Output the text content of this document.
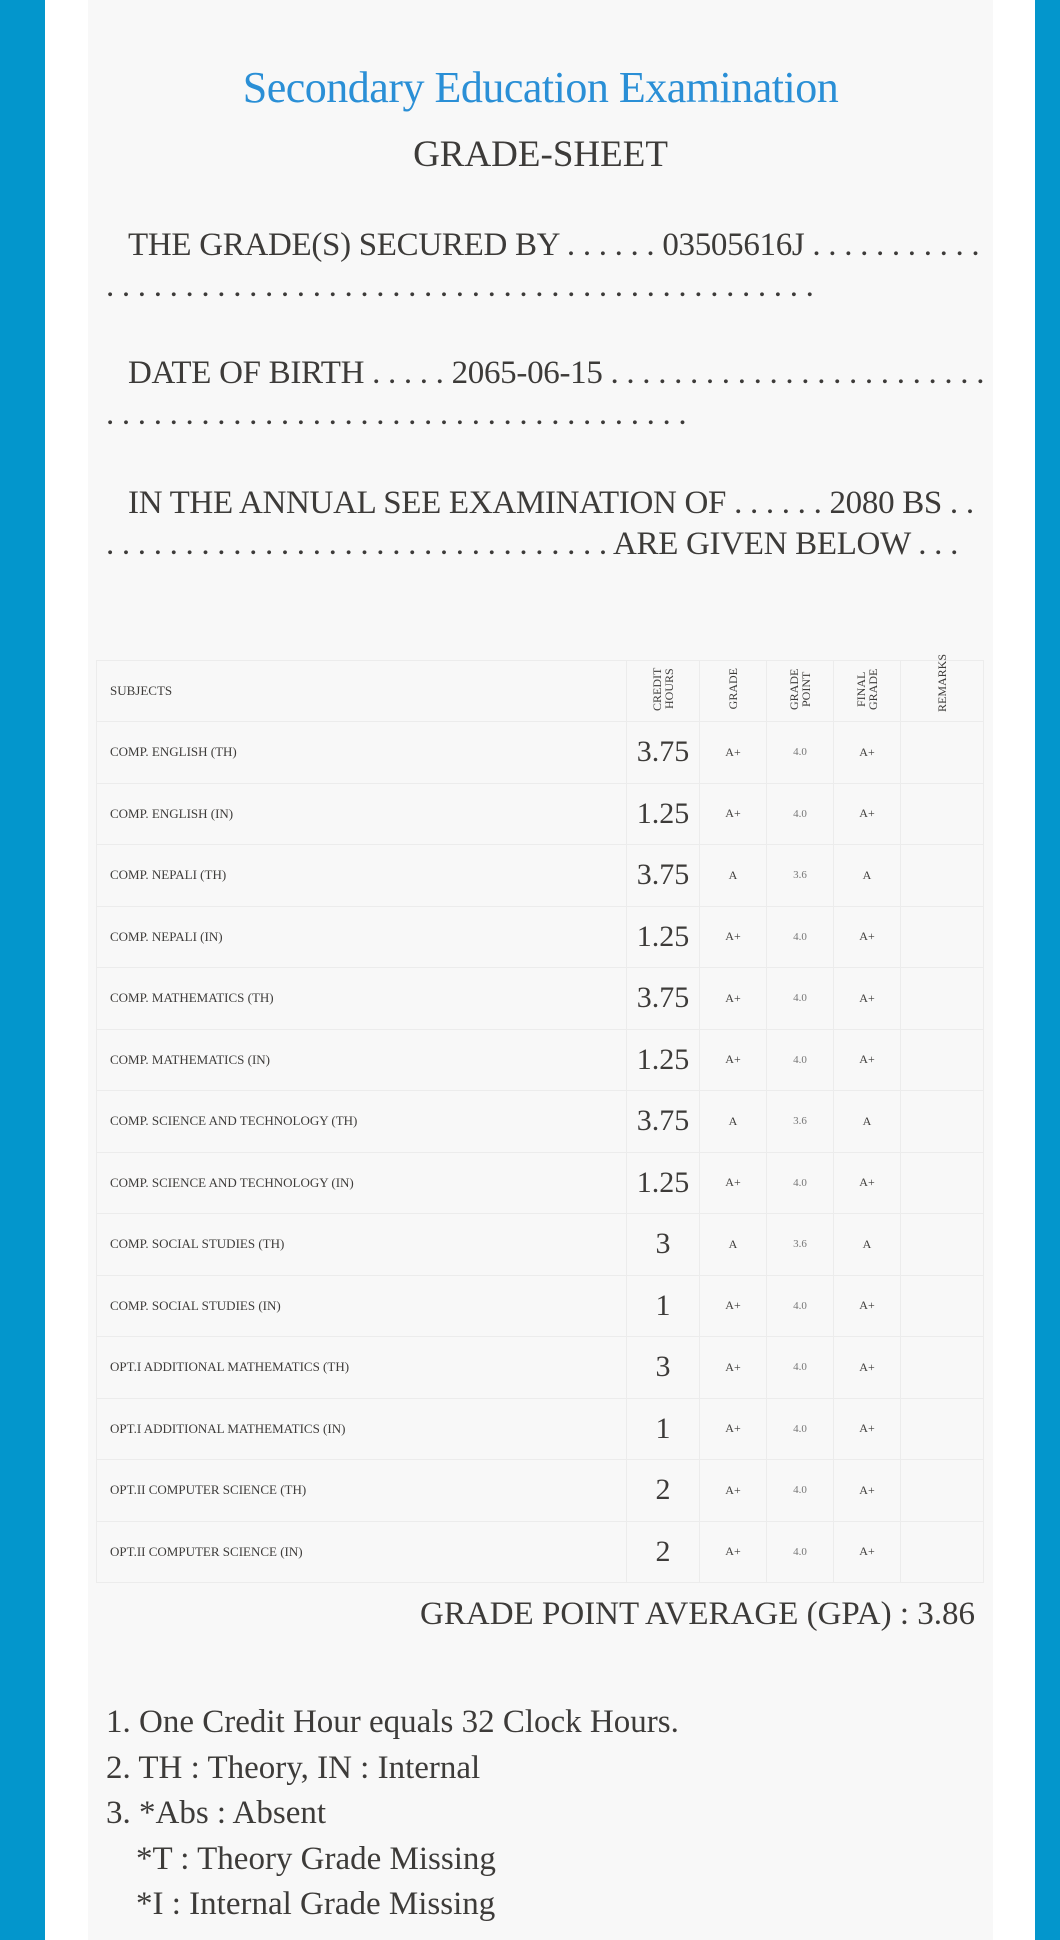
Secondary Education Examination
GRADE-SHEET
THE GRADE(S) SECURED BY . . . . . . 03505616J . . . . . . . . . . . . . . . . . . . . . . . . . . . . . . . . . . . . . . . . . . . . . . . . . . . . . . . .
DATE OF BIRTH . . . . . 2065-06-15 . . . . . . . . . . . . . . . . . . . . . . . . . . . . . . . . . . . . . . . . . . . . . . . . . . . . . . . . . . . . .
IN THE ANNUAL SEE EXAMINATION OF . . . . . . 2080 BS . . . . . . . . . . . . . . . . . . . . . . . . . . . . . . . . . . ARE GIVEN BELOW . . .
SUBJECTS	CREDIT HOURS	GRADE	GRADE POINT	FINAL GRADE	REMARKS
COMP. ENGLISH (TH)	3.75	A+	4.0	A+	
COMP. ENGLISH (IN)	1.25	A+	4.0	A+	
COMP. NEPALI (TH)	3.75	A	3.6	A	
COMP. NEPALI (IN)	1.25	A+	4.0	A+	
COMP. MATHEMATICS (TH)	3.75	A+	4.0	A+	
COMP. MATHEMATICS (IN)	1.25	A+	4.0	A+	
COMP. SCIENCE AND TECHNOLOGY (TH)	3.75	A	3.6	A	
COMP. SCIENCE AND TECHNOLOGY (IN)	1.25	A+	4.0	A+	
COMP. SOCIAL STUDIES (TH)	3	A	3.6	A	
COMP. SOCIAL STUDIES (IN)	1	A+	4.0	A+	
OPT.I ADDITIONAL MATHEMATICS (TH)	3	A+	4.0	A+	
OPT.I ADDITIONAL MATHEMATICS (IN)	1	A+	4.0	A+	
OPT.II COMPUTER SCIENCE (TH)	2	A+	4.0	A+	
OPT.II COMPUTER SCIENCE (IN)	2	A+	4.0	A+	
GRADE POINT AVERAGE (GPA) : 3.86
1. One Credit Hour equals 32 Clock Hours.
2. TH : Theory, IN : Internal
3. *Abs : Absent
*T : Theory Grade Missing
*I : Internal Grade Missing
